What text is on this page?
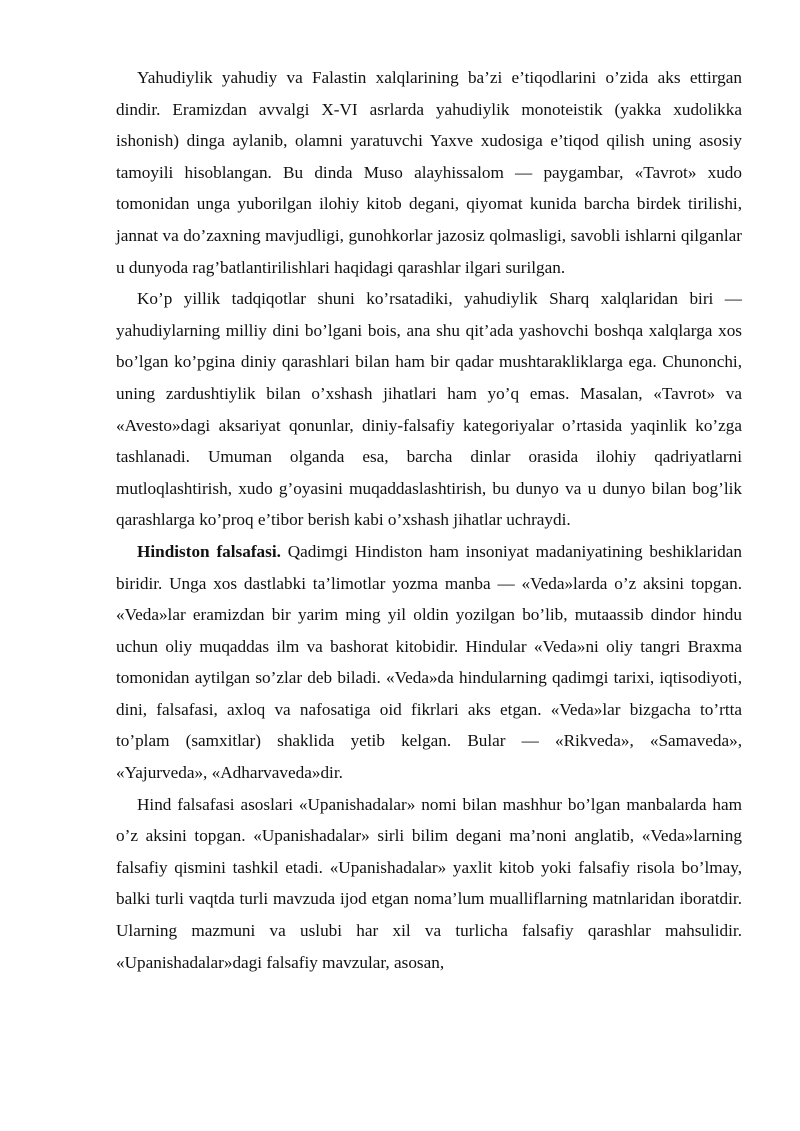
Yahudiylik yahudiy va Falastin xalqlarining ba’zi e’tiqodlarini o’zida aks ettirgan dindir. Eramizdan avvalgi X-VI asrlarda yahudiylik monoteistik (yakka xudolikka ishonish) dinga aylanib, olamni yaratuvchi Yaxve xudosiga e’tiqod qilish uning asosiy tamoyili hisoblangan. Bu dinda Muso alayhissalom — paygambar, «Tavrot» xudo tomonidan unga yuborilgan ilohiy kitob degani, qiyomat kunida barcha birdek tirilishi, jannat va do’zaxning mavjudligi, gunohkorlar jazosiz qolmasligi, savobli ishlarni qilganlar u dunyoda rag’batlantirilishlari haqidagi qarashlar ilgari surilgan.

Ko’p yillik tadqiqotlar shuni ko’rsatadiki, yahudiylik Sharq xalqlaridan biri — yahudiylarning milliy dini bo’lgani bois, ana shu qit’ada yashovchi boshqa xalqlarga xos bo’lgan ko’pgina diniy qarashlari bilan ham bir qadar mushtarakliklarga ega. Chunonchi, uning zardushtiylik bilan o’xshash jihatlari ham yo’q emas. Masalan, «Tavrot» va «Avesto»dagi aksariyat qonunlar, diniy-falsafiy kategoriyalar o’rtasida yaqinlik ko’zga tashlanadi. Umuman olganda esa, barcha dinlar orasida ilohiy qadriyatlarni mutloqlashtirish, xudo g’oyasini muqaddaslashtirish, bu dunyo va u dunyo bilan bog’lik qarashlarga ko’proq e’tibor berish kabi o’xshash jihatlar uchraydi.

Hindiston falsafasi. Qadimgi Hindiston ham insoniyat madaniyatining beshiklaridan biridir. Unga xos dastlabki ta’limotlar yozma manba — «Veda»larda o’z aksini topgan. «Veda»lar eramizdan bir yarim ming yil oldin yozilgan bo’lib, mutaassib dindor hindu uchun oliy muqaddas ilm va bashorat kitobidir. Hindular «Veda»ni oliy tangri Braxma tomonidan aytilgan so’zlar deb biladi. «Veda»da hindularning qadimgi tarixi, iqtisodiyoti, dini, falsafasi, axloq va nafosatiga oid fikrlari aks etgan. «Veda»lar bizgacha to’rtta to’plam (samxitlar) shaklida yetib kelgan. Bular — «Rikveda», «Samaveda», «Yajurveda», «Adharvaveda»dir.

Hind falsafasi asoslari «Upanishadalar» nomi bilan mashhur bo’lgan manbalarda ham o’z aksini topgan. «Upanishadalar» sirli bilim degani ma’noni anglatib, «Veda»larning falsafiy qismini tashkil etadi. «Upanishadalar» yaxlit kitob yoki falsafiy risola bo’lmay, balki turli vaqtda turli mavzuda ijod etgan noma’lum mualliflarning matnlaridan iboratdir. Ularning mazmuni va uslubi har xil va turlicha falsafiy qarashlar mahsulidir. «Upanishadalar»dagi falsafiy mavzular, asosan,
